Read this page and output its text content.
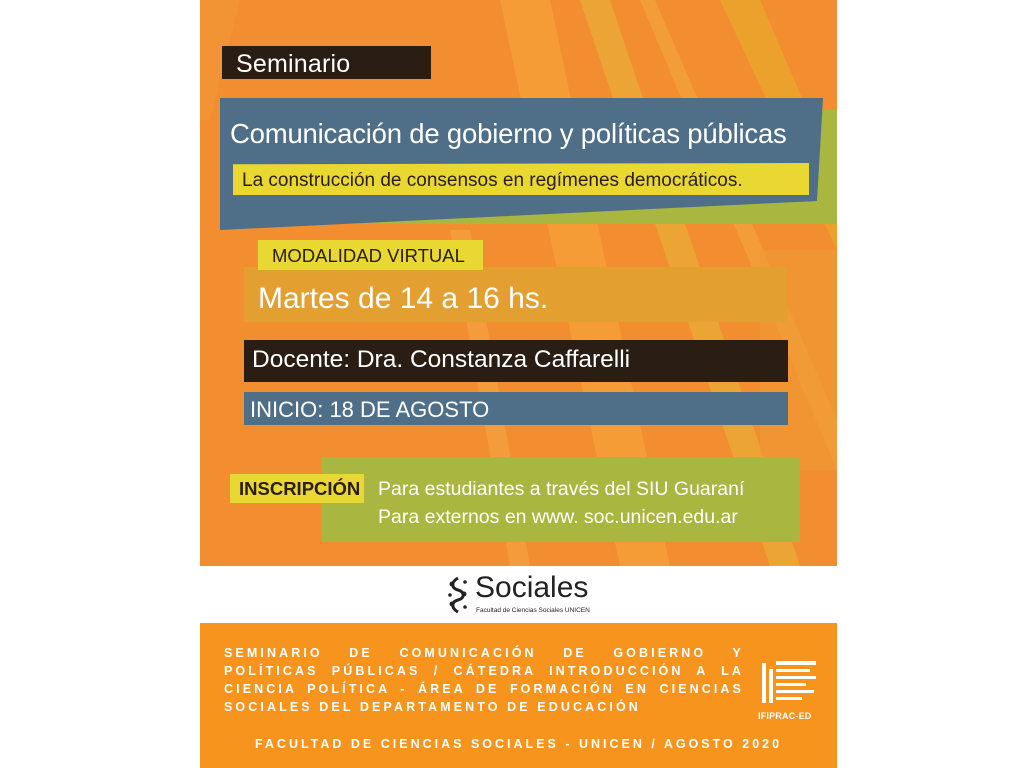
Seminario
Comunicación de gobierno y políticas públicas
La construcción de consensos en regímenes democráticos.
MODALIDAD VIRTUAL
Martes de 14 a 16 hs.
Docente: Dra. Constanza Caffarelli
INICIO: 18 DE AGOSTO
INSCRIPCIÓN Para estudiantes a través del SIU Guaraní
Para externos en www. soc.unicen.edu.ar
Sociales
Facultad de Ciencias Sociales UNICEN
SEMINARIO DE COMUNICACIÓN DE GOBIERNO Y POLÍTICAS PÚBLICAS / CÁTEDRA INTRODUCCIÓN A LA CIENCIA POLÍTICA - ÁREA DE FORMACIÓN EN CIENCIAS SOCIALES DEL DEPARTAMENTO DE EDUCACIÓN
IFIPRAC-ED
FACULTAD DE CIENCIAS SOCIALES - UNICEN / AGOSTO 2020
